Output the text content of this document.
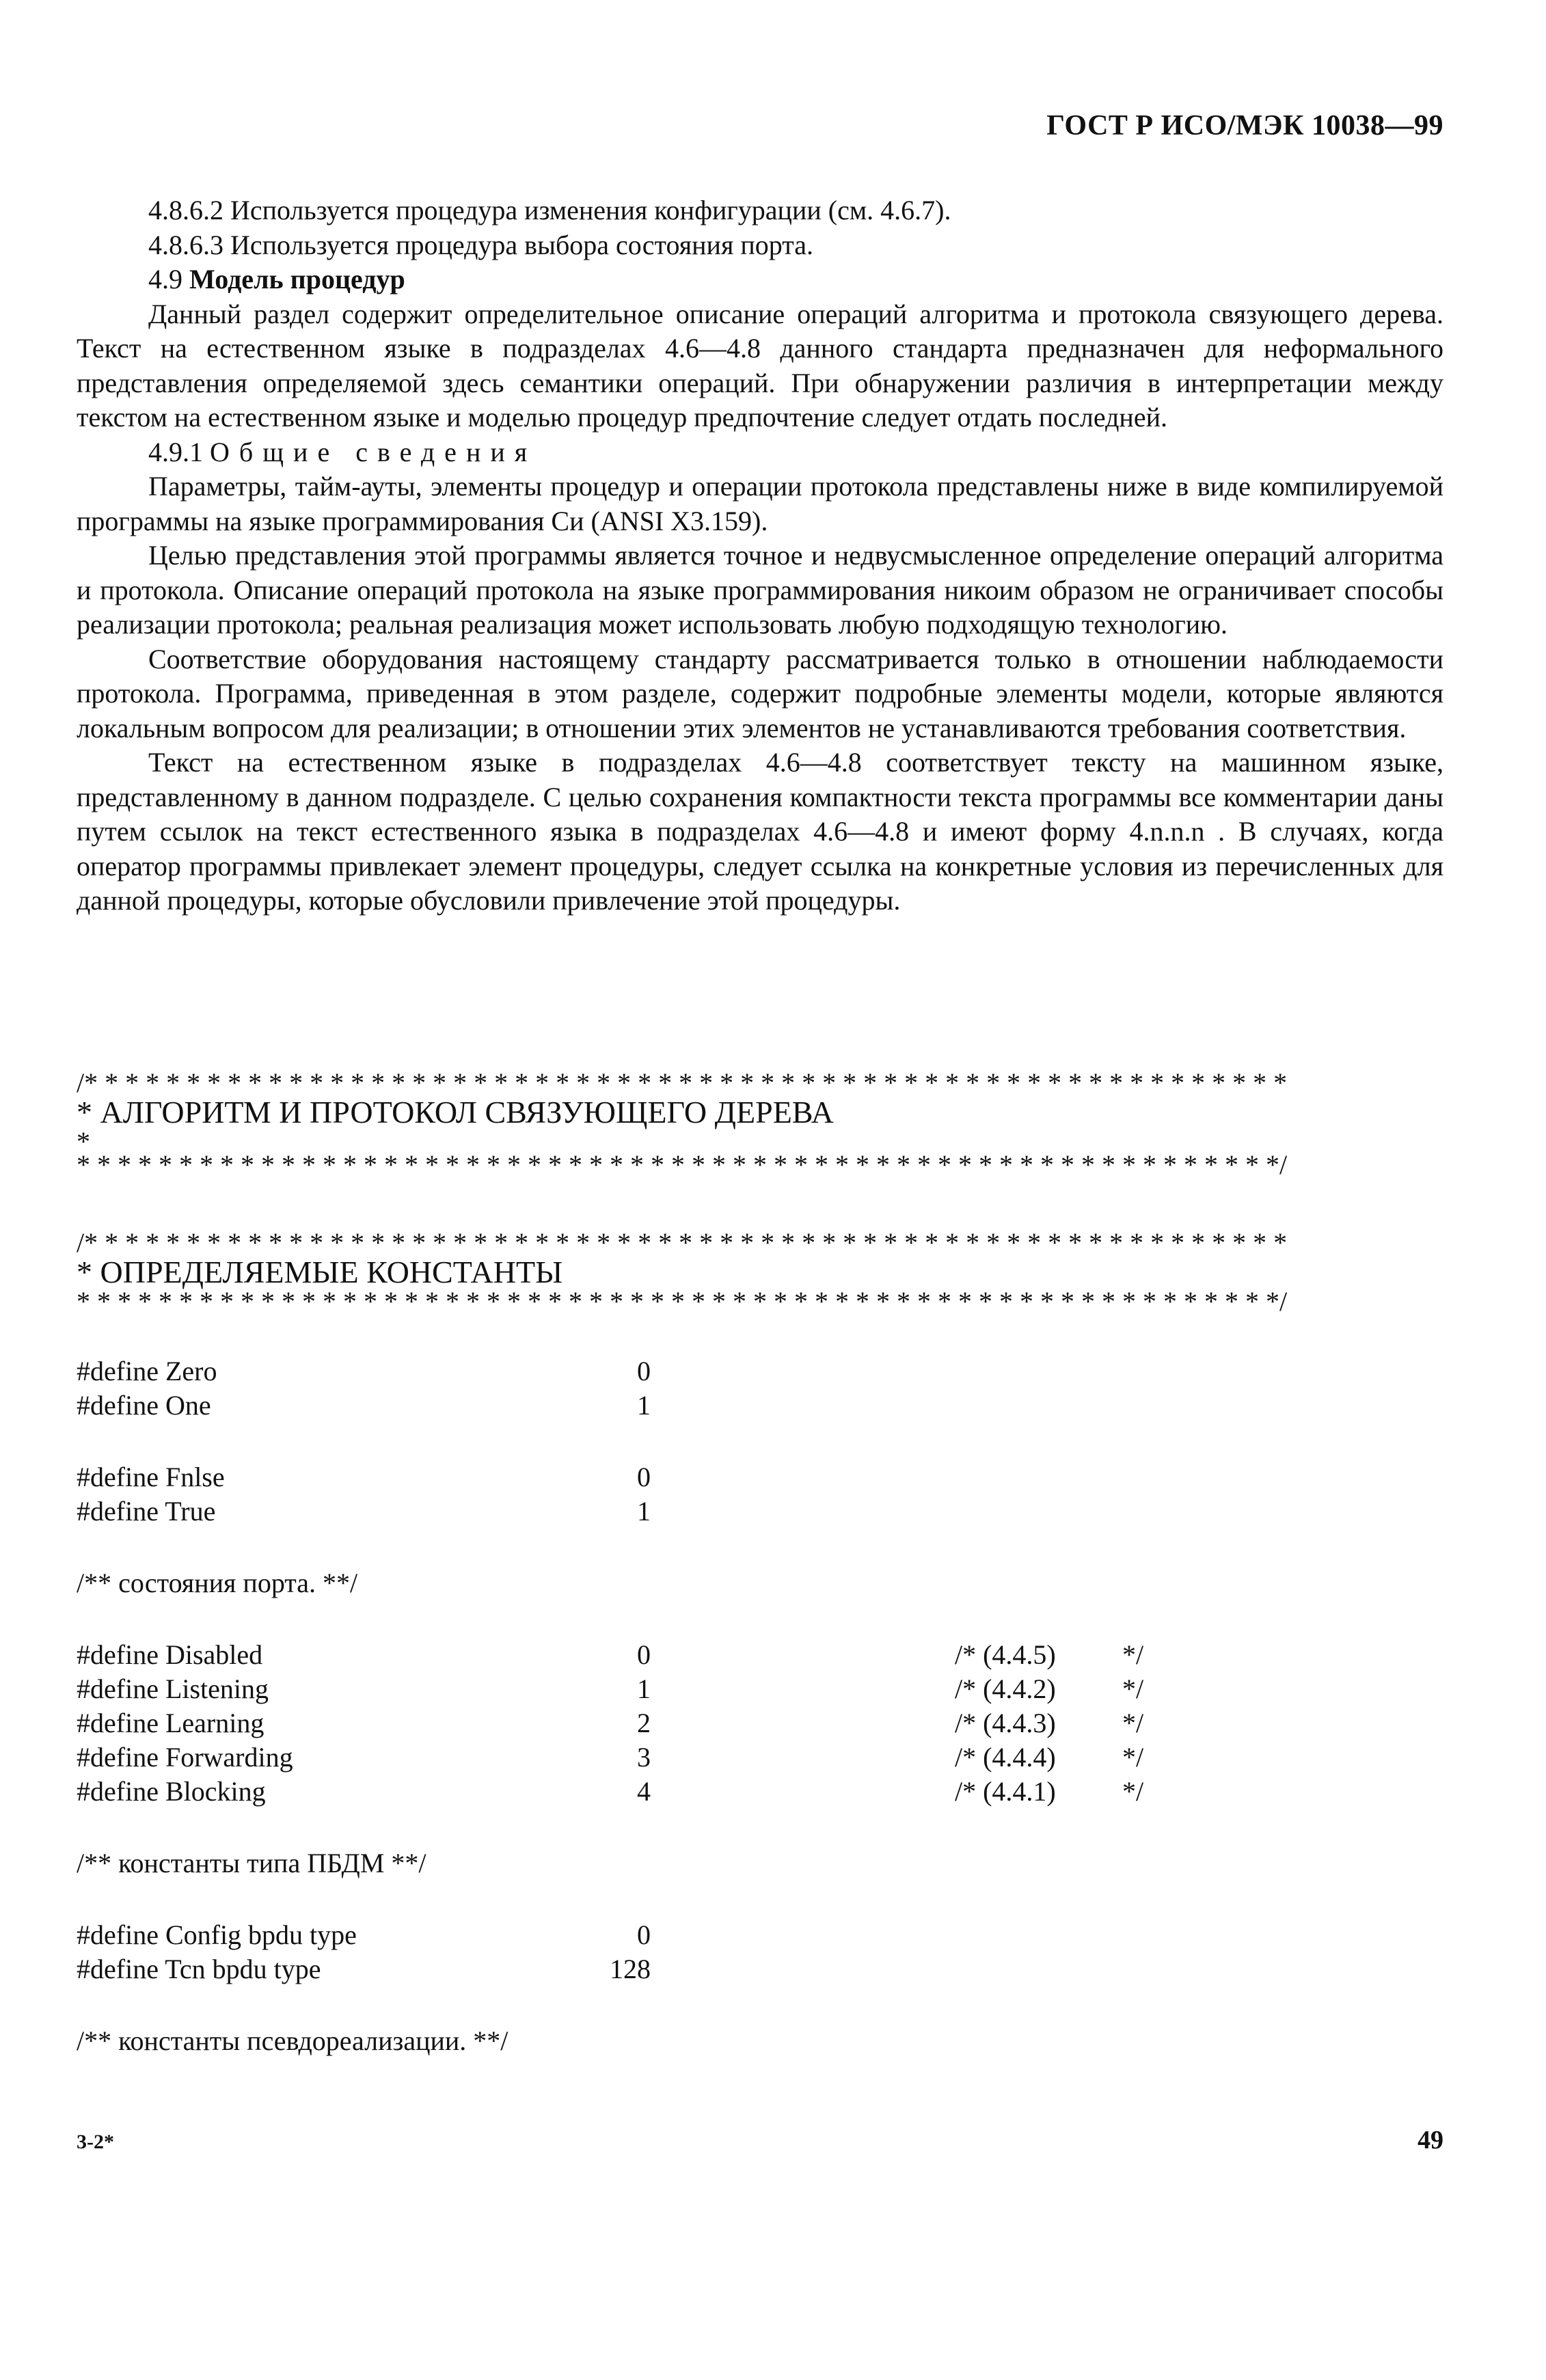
ГОСТ Р ИСО/МЭК 10038—99

4.8.6.2 Используется процедура изменения конфигурации (см. 4.6.7).

4.8.6.3 Используется процедура выбора состояния порта.

4.9 Модель процедур

Данный раздел содержит определительное описание операций алгоритма и протокола связующего дерева. Текст на естественном языке в подразделах 4.6—4.8 данного стандарта предназначен для неформального представления определяемой здесь семантики операций. При обнаружении различия в интерпретации между текстом на естественном языке и моделью процедур предпочтение следует отдать последней.

4.9.1 Общие сведения

Параметры, тайм-ауты, элементы процедур и операции протокола представлены ниже в виде компилируемой программы на языке программирования Си (ANSI X3.159).

Целью представления этой программы является точное и недвусмысленное определение операций алгоритма и протокола. Описание операций протокола на языке программирования никоим образом не ограничивает способы реализации протокола; реальная реализация может использовать любую подходящую технологию.

Соответствие оборудования настоящему стандарту рассматривается только в отношении наблюдаемости протокола. Программа, приведенная в этом разделе, содержит подробные элементы модели, которые являются локальным вопросом для реализации; в отношении этих элементов не устанавливаются требования соответствия.

Текст на естественном языке в подразделах 4.6—4.8 соответствует тексту на машинном языке, представленному в данном подразделе. С целью сохранения компактности текста программы все комментарии даны путем ссылок на текст естественного языка в подразделах 4.6—4.8 и имеют форму 4.n.n.n . В случаях, когда оператор программы привлекает элемент процедуры, следует ссылка на конкретные условия из перечисленных для данной процедуры, которые обусловили привлечение этой процедуры.

/* * * * * * * * * * * * * * * * * * * * * * * * * * * * * * * * * * * * * * * * * * * * * * * * * * * * * * * * * * *
* АЛГОРИТМ И ПРОТОКОЛ СВЯЗУЮЩЕГО ДЕРЕВА
*
* * * * * * * * * * * * * * * * * * * * * * * * * * * * * * * * * * * * * * * * * * * * * * * * * * * * * * * * * * */
/* * * * * * * * * * * * * * * * * * * * * * * * * * * * * * * * * * * * * * * * * * * * * * * * * * * * * * * * * * *
* ОПРЕДЕЛЯЕМЫЕ КОНСТАНТЫ
* * * * * * * * * * * * * * * * * * * * * * * * * * * * * * * * * * * * * * * * * * * * * * * * * * * * * * * * * * */
#define Zero	0
#define One	1
#define Fnlse	0
#define True	1
/** состояния порта. **/
#define Disabled	0	/* (4.4.5) */
#define Listening	1	/* (4.4.2) */
#define Learning	2	/* (4.4.3) */
#define Forwarding	3	/* (4.4.4) */
#define Blocking	4	/* (4.4.1) */
/** константы типа ПБДМ **/
#define Config bpdu type	0
#define Tcn bpdu type	128
/** константы псевдореализации. **/
3-2*	49
